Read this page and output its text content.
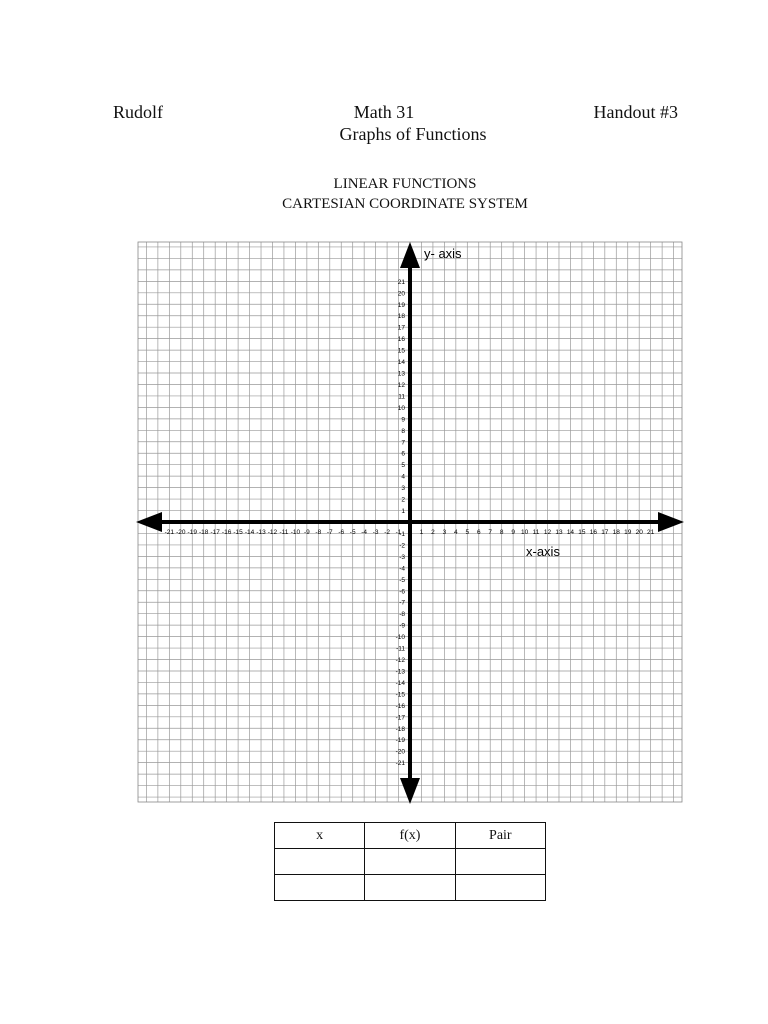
Rudolf	Math 31	Handout #3
Graphs of Functions
LINEAR FUNCTIONS
CARTESIAN COORDINATE SYSTEM
-21 -20 -19 -18 -17 -16 -15 -14 -13 -12 -11 -10 -9 -8 -7 -6 -5 -4 -3 -2 -1	1 2 3 4 5 6 7 8 9 10 11 12 13 14 15 16 17 18 19 20 21
-21
-20
-19
-18
-17
-16
-15
-14
-13
-12
-11
-10
-9
-8
-7
-6
-5
-4
-3
-2
-1
1
2
3
4
5
6
7
8
9
10
11
12
13
14
15
16
17
18
19
20
21
y- axis
x-axis
x	f(x)	Pair
